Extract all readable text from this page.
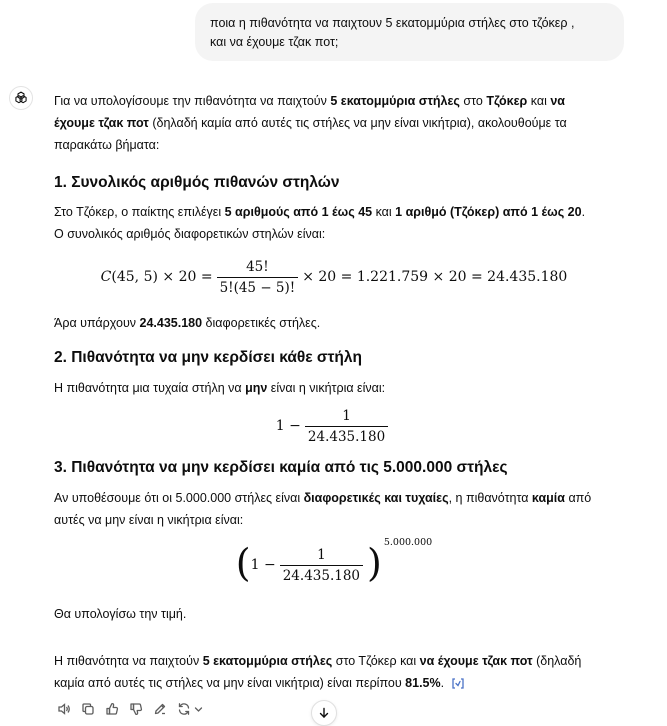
ποια η πιθανότητα να παιχτουν 5 εκατομμύρια στήλες στο τζόκερ ,
και να έχουμε τζακ ποτ;

Για να υπολογίσουμε την πιθανότητα να παιχτούν 5 εκατομμύρια στήλες στο Τζόκερ και να
έχουμε τζακ ποτ (δηλαδή καμία από αυτές τις στήλες να μην είναι νικήτρια), ακολουθούμε τα
παρακάτω βήματα:

1. Συνολικός αριθμός πιθανών στηλών

Στο Τζόκερ, ο παίκτης επιλέγει 5 αριθμούς από 1 έως 45 και 1 αριθμό (Τζόκερ) από 1 έως 20.
Ο συνολικός αριθμός διαφορετικών στηλών είναι:

C (45, $5) \times 20 = \frac{45!}{5!(45 - 5)!} \times 20 = 1.221.759 \times 20 = 24.435.180$

Άρα υπάρχουν 24.435.180 διαφορετικές στήλες.

2. Πιθανότητα να μην κερδίσει κάθε στήλη

Η πιθανότητα μια τυχαία στήλη να μην είναι η νικήτρια είναι:

$1 - \frac{1}{24.435.180}$
3. Πιθανότητα να μην κερδίσει καμία από τις 5.000.000 στήλες

Αν υποθέσουμε ότι οι 5.000.000 στήλες είναι διαφορετικές και τυχαίες, η πιθανότητα καμία από
αυτές να μην είναι η νικήτρια είναι:

( $1 - \frac{1}{24.435.180}$ ) 5.000.000

Θα υπολογίσω την τιμή.

Η πιθανότητα να παιχτούν 5 εκατομμύρια στήλες στο Τζόκερ και να έχουμε τζακ ποτ (δηλαδή
καμία από αυτές τις στήλες να μην είναι νικήτρια) είναι περίπου 81.5%.
